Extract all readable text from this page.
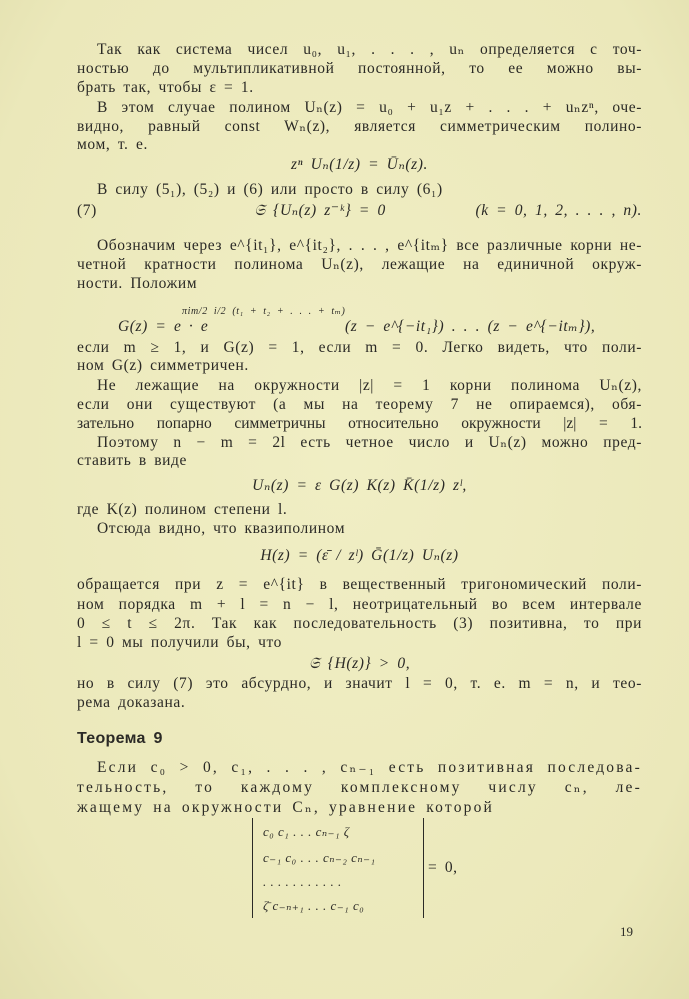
Так как система чисел u₀, u₁, . . . , uₙ определяется с точ-
ностью до мультипликативной постоянной, то ее можно вы-
брать так, чтобы ε = 1.
В этом случае полином Uₙ(z) = u₀ + u₁z + . . . + uₙzⁿ, оче-
видно, равный const Wₙ(z), является симметрическим полино-
мом, т. е.
zⁿ Uₙ(1/z) = Ūₙ(z).
В силу (5₁), (5₂) и (6) или просто в силу (6₁)
(7)	𝔖 {Uₙ(z) z⁻ᵏ} = 0	(k = 0, 1, 2, . . . , n).
Обозначим через e^{it₁}, e^{it₂}, . . . , e^{itₘ} все различные корни не-
четной кратности полинома Uₙ(z), лежащие на единичной окруж-
ности. Положим
πim/2 i/2 (t₁ + t₂ + . . . + tₘ)
G(z) = e · e	(z − e^{−it₁}) . . . (z − e^{−itₘ}),
если m ≥ 1, и G(z) = 1, если m = 0. Легко видеть, что поли-
ном G(z) симметричен.
Не лежащие на окружности |z| = 1 корни полинома Uₙ(z),
если они существуют (а мы на теорему 7 не опираемся), обя-
зательно попарно симметричны относительно окружности |z| = 1.
Поэтому n − m = 2l есть четное число и Uₙ(z) можно пред-
ставить в виде
Uₙ(z) = ε G(z) K(z) K̄(1/z) zˡ,
где K(z) полином степени l.
Отсюда видно, что квазиполином
H(z) = (ε̄ / zˡ) Ḡ(1/z) Uₙ(z)
обращается при z = e^{it} в вещественный тригономический поли-
ном порядка m + l = n − l, неотрицательный во всем интервале
0 ≤ t ≤ 2π. Так как последовательность (3) позитивна, то при
l = 0 мы получили бы, что
𝔖 {H(z)} > 0,
но в силу (7) это абсурдно, и значит l = 0, т. е. m = n, и тео-
рема доказана.
Теорема 9
Если c₀ > 0, c₁, . . . , cₙ₋₁ есть позитивная последова-
тельность, то каждому комплексному числу cₙ, ле-
жащему на окружности Cₙ, уравнение которой
c₀ c₁ . . . cₙ₋₁ ζ
c₋₁ c₀ . . . cₙ₋₂ cₙ₋₁
. . . . . . . . . . .
ζ̄ c₋ₙ₊₁ . . . c₋₁ c₀
= 0,
19
